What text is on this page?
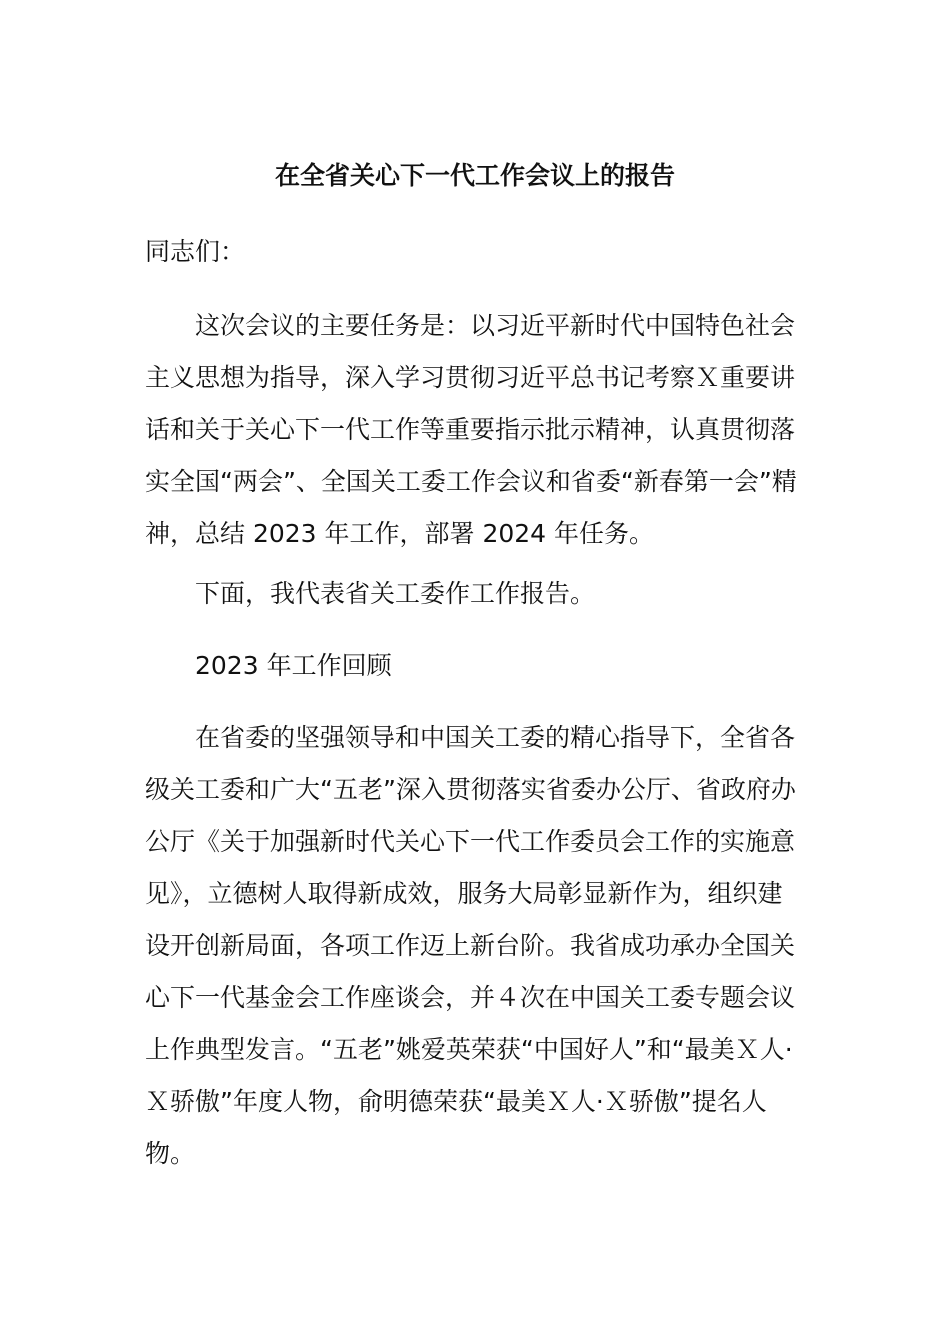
在全省关心下一代工作会议上的报告

同志们：

这次会议的主要任务是：以习近平新时代中国特色社会主义思想为指导，深入学习贯彻习近平总书记考察Ｘ重要讲话和关于关心下一代工作等重要指示批示精神，认真贯彻落实全国“两会”、全国关工委工作会议和省委“新春第一会”精神，总结 2023 年工作，部署 2024 年任务。

下面，我代表省关工委作工作报告。

2023 年工作回顾

在省委的坚强领导和中国关工委的精心指导下，全省各级关工委和广大“五老”深入贯彻落实省委办公厅、省政府办公厅《关于加强新时代关心下一代工作委员会工作的实施意见》，立德树人取得新成效，服务大局彰显新作为，组织建设开创新局面，各项工作迈上新台阶。我省成功承办全国关心下一代基金会工作座谈会，并４次在中国关工委专题会议上作典型发言。“五老”姚爱英荣获“中国好人”和“最美Ｘ人·Ｘ骄傲”年度人物，俞明德荣获“最美Ｘ人·Ｘ骄傲”提名人物。
